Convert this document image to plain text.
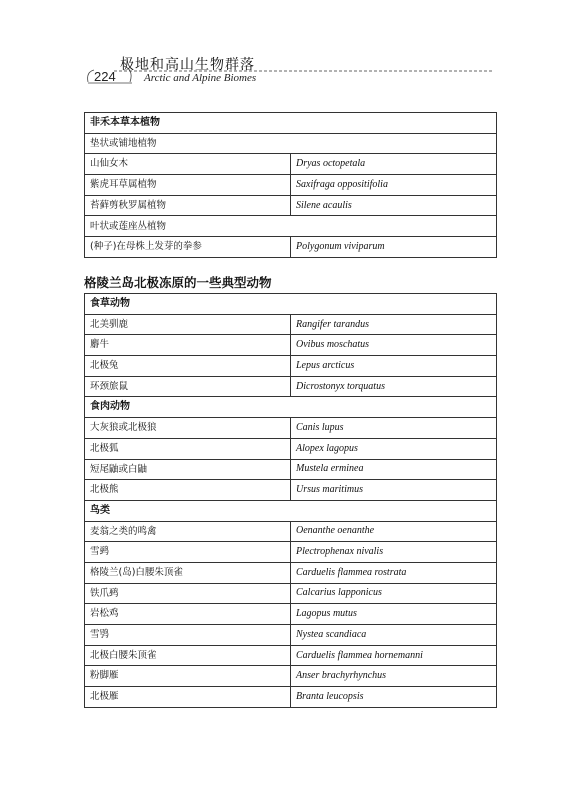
224
极地和高山生物群落
Arctic and Alpine Biomes
非禾本草本植物	
垫状或铺地植物	
山仙女木	Dryas octopetala
紫虎耳草属植物	Saxifraga oppositifolia
苔藓剪秋罗属植物	Silene acaulis
叶状或莲座丛植物	
(种子)在母株上发芽的拳参	Polygonum viviparum
格陵兰岛北极冻原的一些典型动物
食草动物	
北美驯鹿	Rangifer tarandus
麝牛	Ovibus moschatus
北极兔	Lepus arcticus
环颈旅鼠	Dicrostonyx torquatus
食肉动物	
大灰狼或北极狼	Canis lupus
北极狐	Alopex lagopus
短尾鼬或白鼬	Mustela erminea
北极熊	Ursus maritimus
鸟类	
麦翁之类的鸣禽	Oenanthe oenanthe
雪鹀	Plectrophenax nivalis
格陵兰(岛)白腰朱顶雀	Carduelis flammea rostrata
铁爪鹀	Calcarius lapponicus
岩松鸡	Lagopus mutus
雪鸮	Nystea scandiaca
北极白腰朱顶雀	Carduelis flammea hornemanni
粉脚雁	Anser brachyrhynchus
北极雁	Branta leucopsis
